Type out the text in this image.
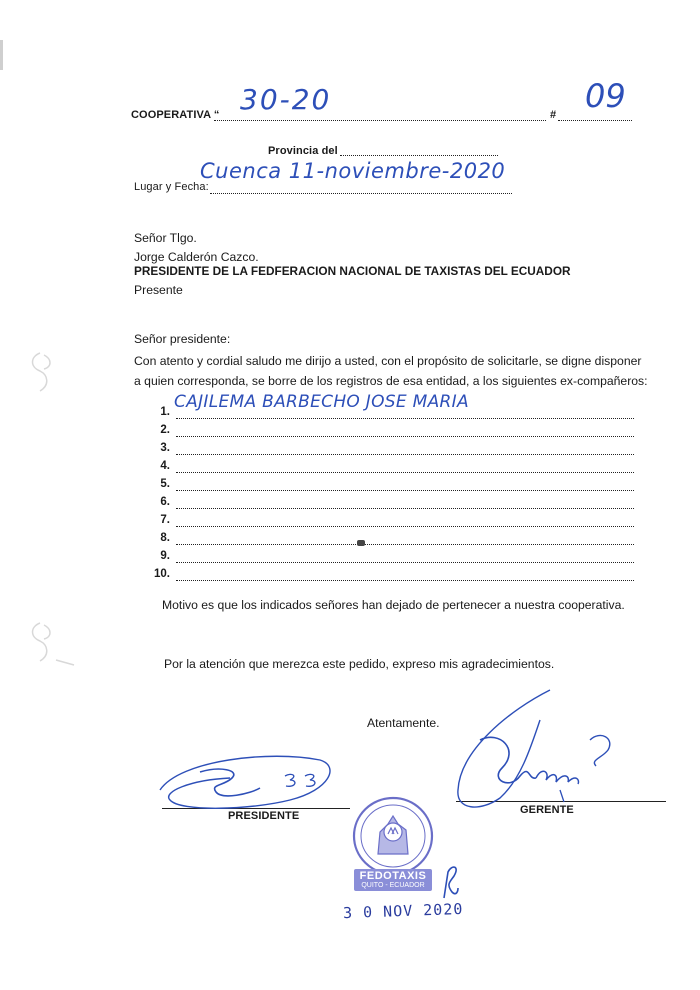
COOPERATIVA “ 30-20	# 09
Provincia del
Lugar y Fecha:
Cuenca 11-noviembre-2020
Señor Tlgo.
Jorge Calderón Cazco.
PRESIDENTE DE LA FEDFERACION NACIONAL DE TAXISTAS DEL ECUADOR
Presente
Señor presidente:
Con atento y cordial saludo me dirijo a usted, con el propósito de solicitarle, se digne disponer
a quien corresponda, se borre de los registros de esa entidad, a los siguientes ex-compañeros:
1. CAJILEMA BARBECHO JOSE MARIA
2.
3.
4.
5.
6.
7.
8.
9.
10.
Motivo es que los indicados señores han dejado de pertenecer a nuestra cooperativa.
Por la atención que merezca este pedido, expreso mis agradecimientos.
Atentamente.
PRESIDENTE	GERENTE
FEDOTAXIS
QUITO - ECUADOR
3 0 NOV 2020
